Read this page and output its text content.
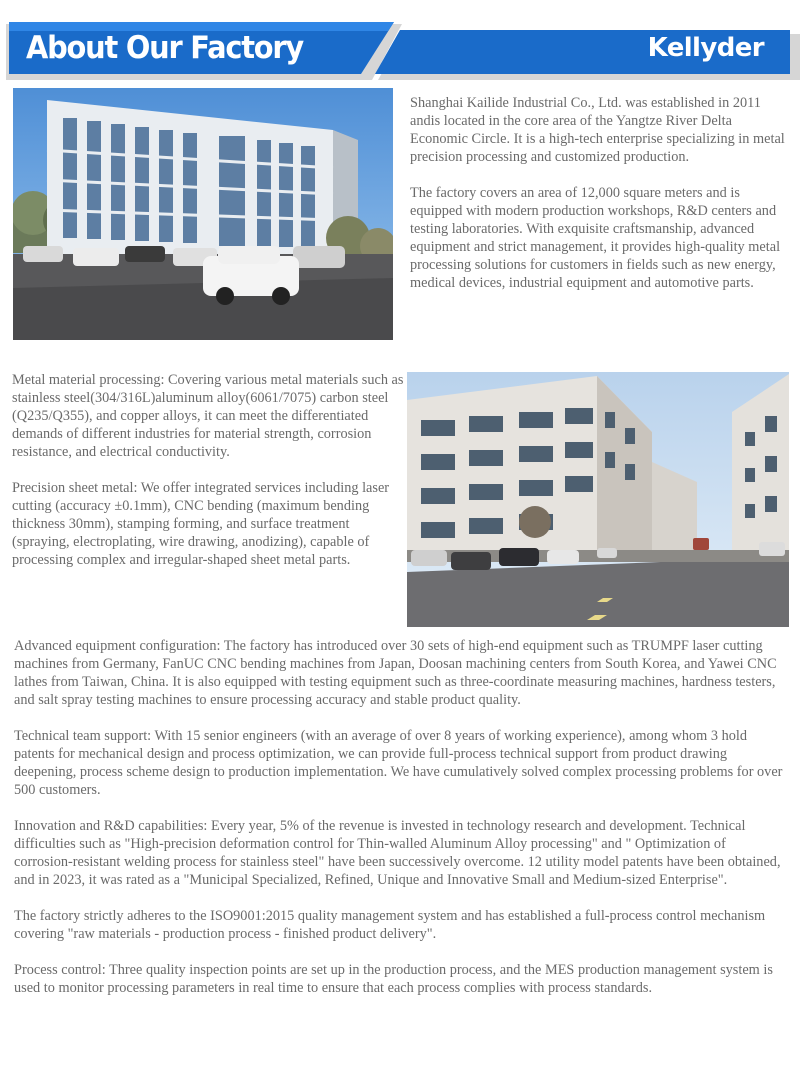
About Our Factory	Kellyder

Shanghai Kailide Industrial Co., Ltd. was established in 2011 andis located in the core area of the Yangtze River Delta Economic Circle. It is a high-tech enterprise specializing in metal precision processing and customized production.

The factory covers an area of 12,000 square meters and is equipped with modern production workshops, R&D centers and testing laboratories. With exquisite craftsmanship, advanced equipment and strict management, it provides high-quality metal processing solutions for customers in fields such as new energy, medical devices, industrial equipment and automotive parts.

Metal material processing: Covering various metal materials such as stainless steel(304/316L)aluminum alloy(6061/7075) carbon steel (Q235/Q355), and copper alloys, it can meet the differentiated demands of different industries for material strength, corrosion resistance, and electrical conductivity.

Precision sheet metal: We offer integrated services including laser cutting (accuracy ±0.1mm), CNC bending (maximum bending thickness 30mm), stamping forming, and surface treatment (spraying, electroplating, wire drawing, anodizing), capable of processing complex and irregular-shaped sheet metal parts.

Advanced equipment configuration: The factory has introduced over 30 sets of high-end equipment such as TRUMPF laser cutting machines from Germany, FanUC CNC bending machines from Japan, Doosan machining centers from South Korea, and Yawei CNC lathes from Taiwan, China. It is also equipped with testing equipment such as three-coordinate measuring machines, hardness testers, and salt spray testing machines to ensure processing accuracy and stable product quality.

Technical team support: With 15 senior engineers (with an average of over 8 years of working experience), among whom 3 hold patents for mechanical design and process optimization, we can provide full-process technical support from product drawing deepening, process scheme design to production implementation. We have cumulatively solved complex processing problems for over 500 customers.

Innovation and R&D capabilities: Every year, 5% of the revenue is invested in technology research and development. Technical difficulties such as "High-precision deformation control for Thin-walled Aluminum Alloy processing" and " Optimization of corrosion-resistant welding process for stainless steel" have been successively overcome. 12 utility model patents have been obtained, and in 2023, it was rated as a "Municipal Specialized, Refined, Unique and Innovative Small and Medium-sized Enterprise".

The factory strictly adheres to the ISO9001:2015 quality management system and has established a full-process control mechanism covering "raw materials - production process - finished product delivery".

Process control: Three quality inspection points are set up in the production process, and the MES production management system is used to monitor processing parameters in real time to ensure that each process complies with process standards.
